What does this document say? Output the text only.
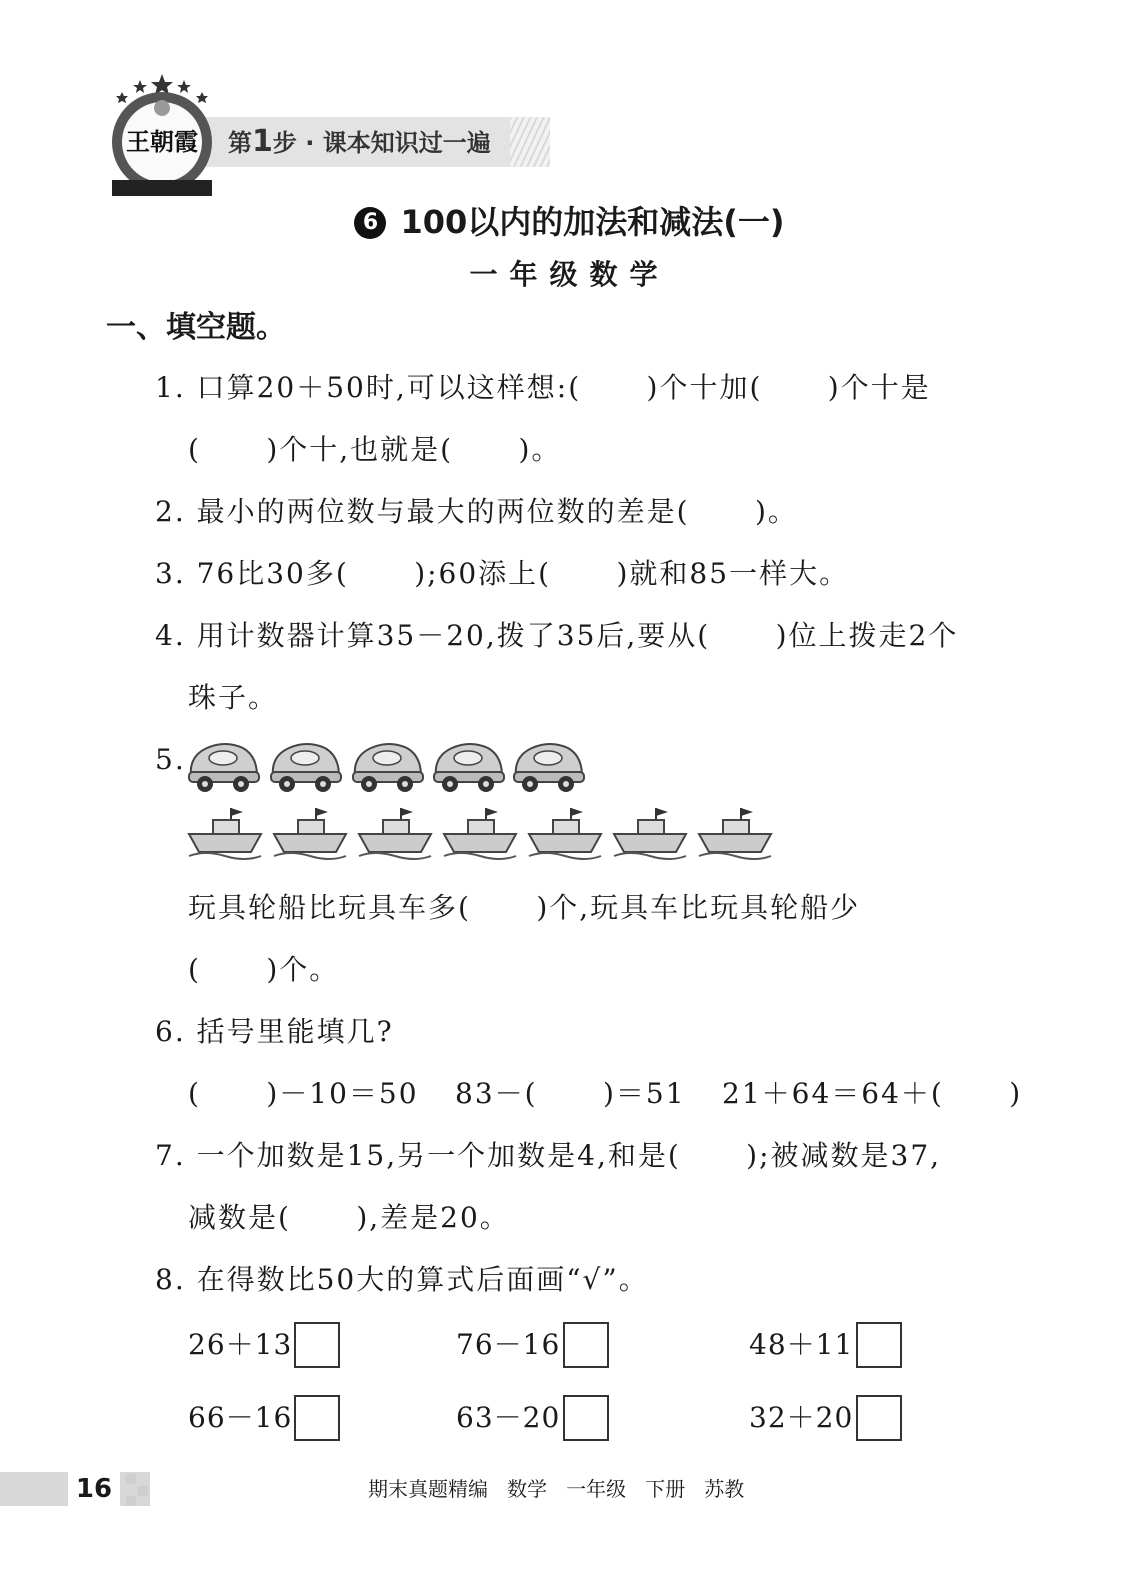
第1步 · 课本知识过一遍
王朝霞
6 100以内的加法和减法(一)
一年级数学
一、填空题。
1. 口算20＋50时,可以这样想:(      )个十加(      )个十是
(      )个十,也就是(      )。
2. 最小的两位数与最大的两位数的差是(      )。
3. 76比30多(      );60添上(      )就和85一样大。
4. 用计数器计算35－20,拨了35后,要从(      )位上拨走2个
珠子。
5.
玩具轮船比玩具车多(      )个,玩具车比玩具轮船少
(      )个。
6. 括号里能填几?
(      )－10＝50 83－(      )＝51 21＋64＝64＋(      )
7. 一个加数是15,另一个加数是4,和是(      );被减数是37,
减数是(      ),差是20。
8. 在得数比50大的算式后面画“√”。
26＋13	76－16	48＋11
66－16	63－20	32＋20
16	期末真题精编   数学   一年级   下册   苏教
